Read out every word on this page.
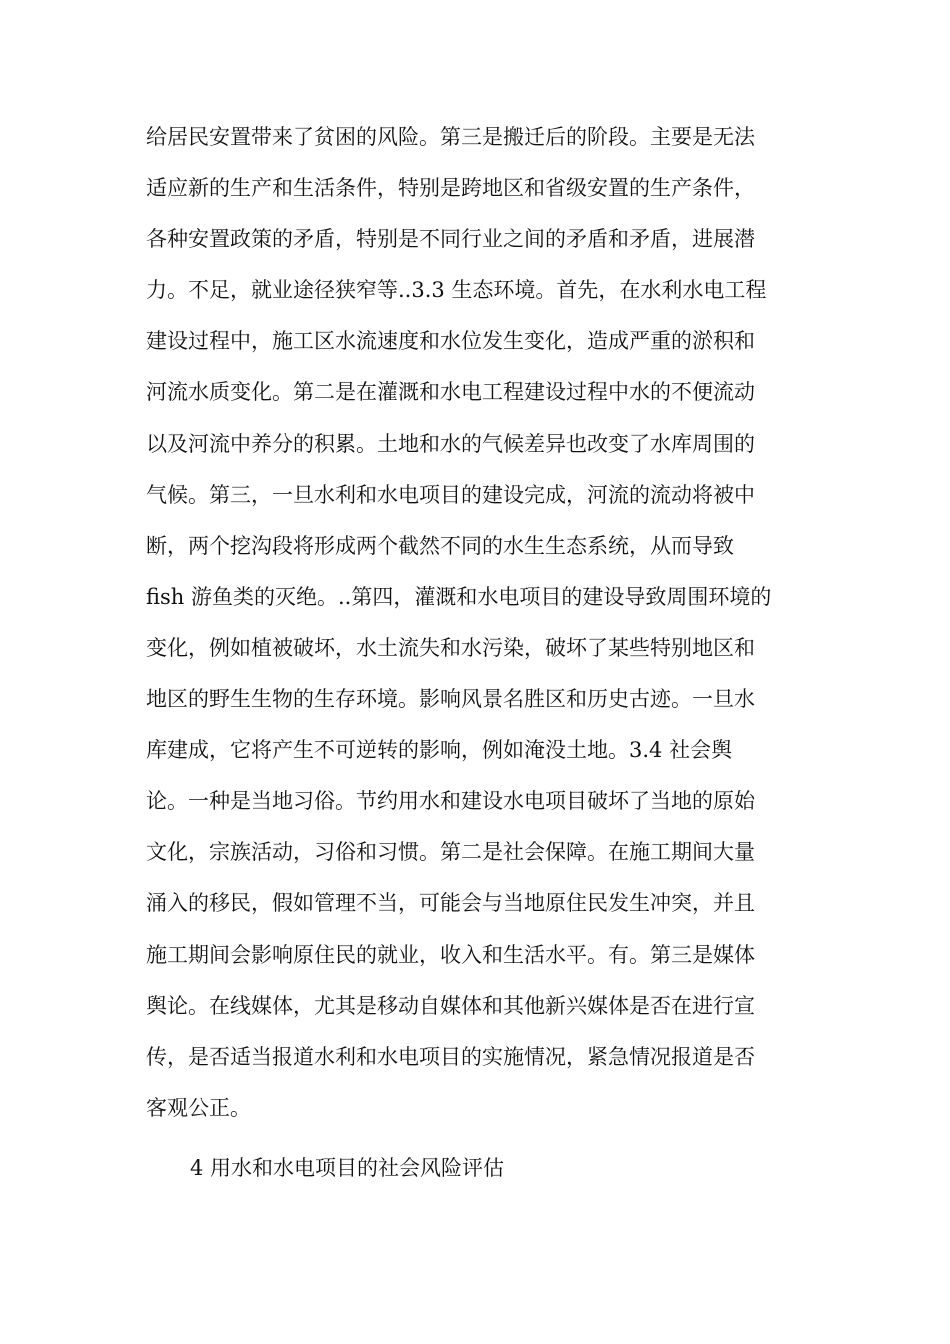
给居民安置带来了贫困的风险。第三是搬迁后的阶段。主要是无法
适应新的生产和生活条件，特别是跨地区和省级安置的生产条件，
各种安置政策的矛盾，特别是不同行业之间的矛盾和矛盾，进展潜
力。不足，就业途径狭窄等..3.3 生态环境。首先，在水利水电工程
建设过程中，施工区水流速度和水位发生变化，造成严重的淤积和
河流水质变化。第二是在灌溉和水电工程建设过程中水的不便流动
以及河流中养分的积累。土地和水的气候差异也改变了水库周围的
气候。第三，一旦水利和水电项目的建设完成，河流的流动将被中
断，两个挖沟段将形成两个截然不同的水生生态系统，从而导致
fish 游鱼类的灭绝。..第四，灌溉和水电项目的建设导致周围环境的
变化，例如植被破坏，水土流失和水污染，破坏了某些特别地区和
地区的野生生物的生存环境。影响风景名胜区和历史古迹。一旦水
库建成，它将产生不可逆转的影响，例如淹没土地。3.4 社会舆
论。一种是当地习俗。节约用水和建设水电项目破坏了当地的原始
文化，宗族活动，习俗和习惯。第二是社会保障。在施工期间大量
涌入的移民，假如管理不当，可能会与当地原住民发生冲突，并且
施工期间会影响原住民的就业，收入和生活水平。有。第三是媒体
舆论。在线媒体，尤其是移动自媒体和其他新兴媒体是否在进行宣
传，是否适当报道水利和水电项目的实施情况，紧急情况报道是否
客观公正。
4 用水和水电项目的社会风险评估
